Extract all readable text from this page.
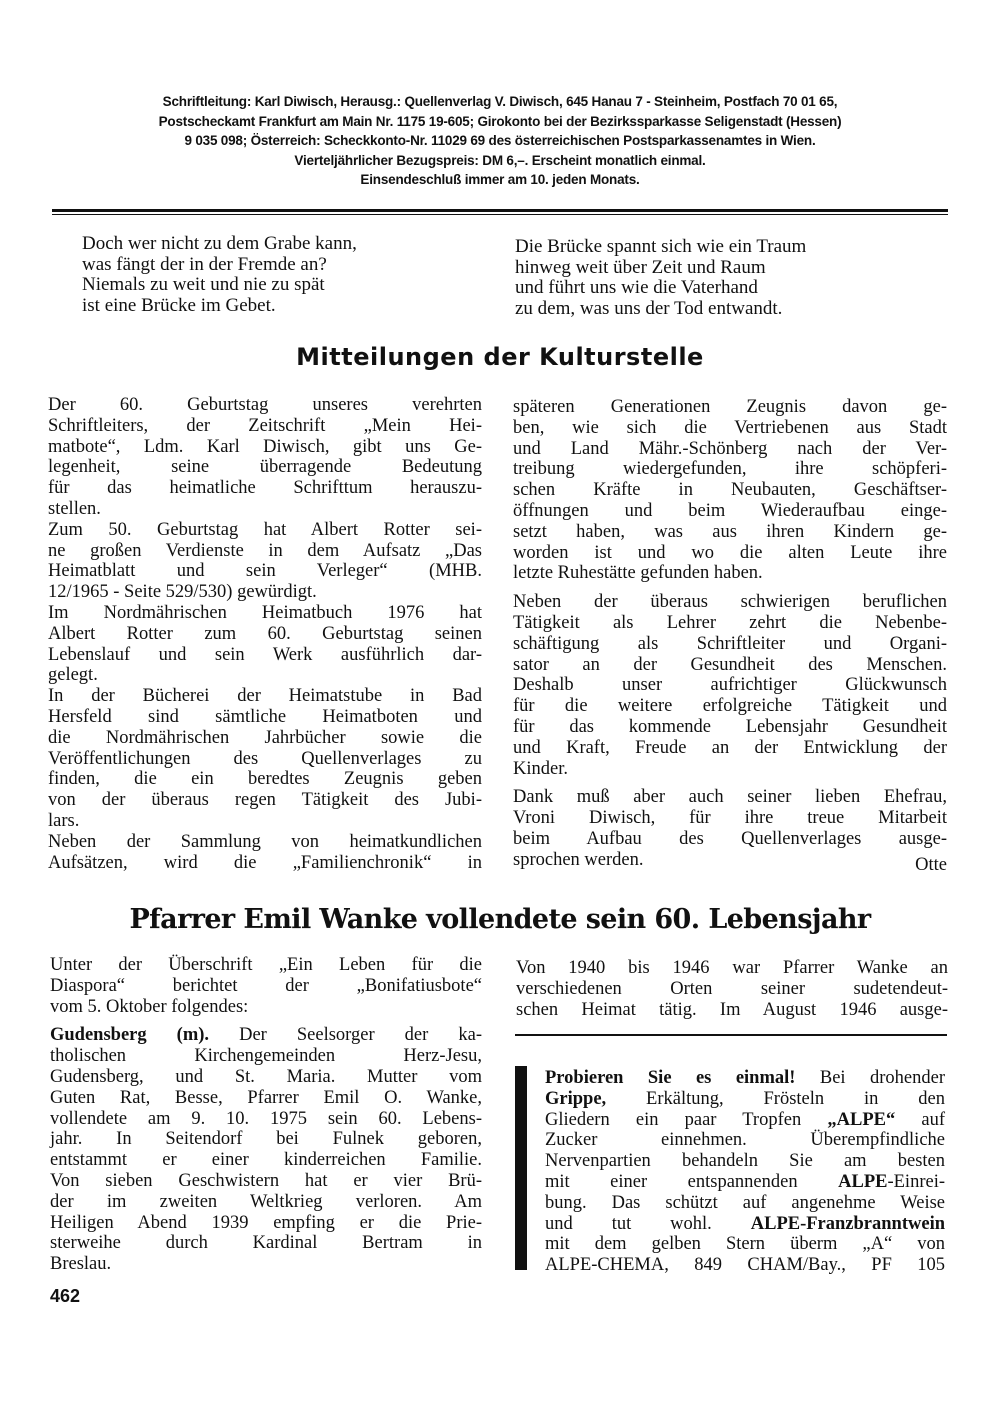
Schriftleitung: Karl Diwisch, Herausg.: Quellenverlag V. Diwisch, 645 Hanau 7 - Steinheim, Postfach 70 01 65,
Postscheckamt Frankfurt am Main Nr. 1175 19-605; Girokonto bei der Bezirkssparkasse Seligenstadt (Hessen)
9 035 098; Österreich: Scheckkonto-Nr. 11029 69 des österreichischen Postsparkassenamtes in Wien.
Vierteljährlicher Bezugspreis: DM 6,–. Erscheint monatlich einmal.
Einsendeschluß immer am 10. jeden Monats.
Doch wer nicht zu dem Grabe kann,
was fängt der in der Fremde an?
Niemals zu weit und nie zu spät
ist eine Brücke im Gebet.
Die Brücke spannt sich wie ein Traum
hinweg weit über Zeit und Raum
und führt uns wie die Vaterhand
zu dem, was uns der Tod entwandt.
Mitteilungen der Kulturstelle
Der 60. Geburtstag unseres verehrten
Schriftleiters, der Zeitschrift „Mein Hei-
matbote“, Ldm. Karl Diwisch, gibt uns Ge-
legenheit, seine überragende Bedeutung
für das heimatliche Schrifttum herauszu-
stellen.
Zum 50. Geburtstag hat Albert Rotter sei-
ne großen Verdienste in dem Aufsatz „Das
Heimatblatt und sein Verleger“ (MHB.
12/1965 - Seite 529/530) gewürdigt.
Im Nordmährischen Heimatbuch 1976 hat
Albert Rotter zum 60. Geburtstag seinen
Lebenslauf und sein Werk ausführlich dar-
gelegt.
In der Bücherei der Heimatstube in Bad
Hersfeld sind sämtliche Heimatboten und
die Nordmährischen Jahrbücher sowie die
Veröffentlichungen des Quellenverlages zu
finden, die ein beredtes Zeugnis geben
von der überaus regen Tätigkeit des Jubi-
lars.
Neben der Sammlung von heimatkundlichen
Aufsätzen, wird die „Familienchronik“ in
späteren Generationen Zeugnis davon ge-
ben, wie sich die Vertriebenen aus Stadt
und Land Mähr.-Schönberg nach der Ver-
treibung wiedergefunden, ihre schöpferi-
schen Kräfte in Neubauten, Geschäftser-
öffnungen und beim Wiederaufbau einge-
setzt haben, was aus ihren Kindern ge-
worden ist und wo die alten Leute ihre
letzte Ruhestätte gefunden haben.
Neben der überaus schwierigen beruflichen
Tätigkeit als Lehrer zehrt die Nebenbe-
schäftigung als Schriftleiter und Organi-
sator an der Gesundheit des Menschen.
Deshalb unser aufrichtiger Glückwunsch
für die weitere erfolgreiche Tätigkeit und
für das kommende Lebensjahr Gesundheit
und Kraft, Freude an der Entwicklung der
Kinder.
Dank muß aber auch seiner lieben Ehefrau,
Vroni Diwisch, für ihre treue Mitarbeit
beim Aufbau des Quellenverlages ausge-
sprochen werden.	Otte
Pfarrer Emil Wanke vollendete sein 60. Lebensjahr
Unter der Überschrift „Ein Leben für die
Diaspora“ berichtet der „Bonifatiusbote“
vom 5. Oktober folgendes:
Gudensberg (m). Der Seelsorger der ka-
tholischen Kirchengemeinden Herz-Jesu,
Gudensberg, und St. Maria. Mutter vom
Guten Rat, Besse, Pfarrer Emil O. Wanke,
vollendete am 9. 10. 1975 sein 60. Lebens-
jahr. In Seitendorf bei Fulnek geboren,
entstammt er einer kinderreichen Familie.
Von sieben Geschwistern hat er vier Brü-
der im zweiten Weltkrieg verloren. Am
Heiligen Abend 1939 empfing er die Prie-
sterweihe durch Kardinal Bertram in
Breslau.
Von 1940 bis 1946 war Pfarrer Wanke an
verschiedenen Orten seiner sudetendeut-
schen Heimat tätig. Im August 1946 ausge-
Probieren Sie es einmal! Bei drohender
Grippe, Erkältung, Frösteln in den
Gliedern ein paar Tropfen „ALPE“ auf
Zucker einnehmen. Überempfindliche
Nervenpartien behandeln Sie am besten
mit einer entspannenden ALPE-Einrei-
bung. Das schützt auf angenehme Weise
und tut wohl. ALPE-Franzbranntwein
mit dem gelben Stern überm „A“ von
ALPE-CHEMA, 849 CHAM/Bay., PF 105
462
